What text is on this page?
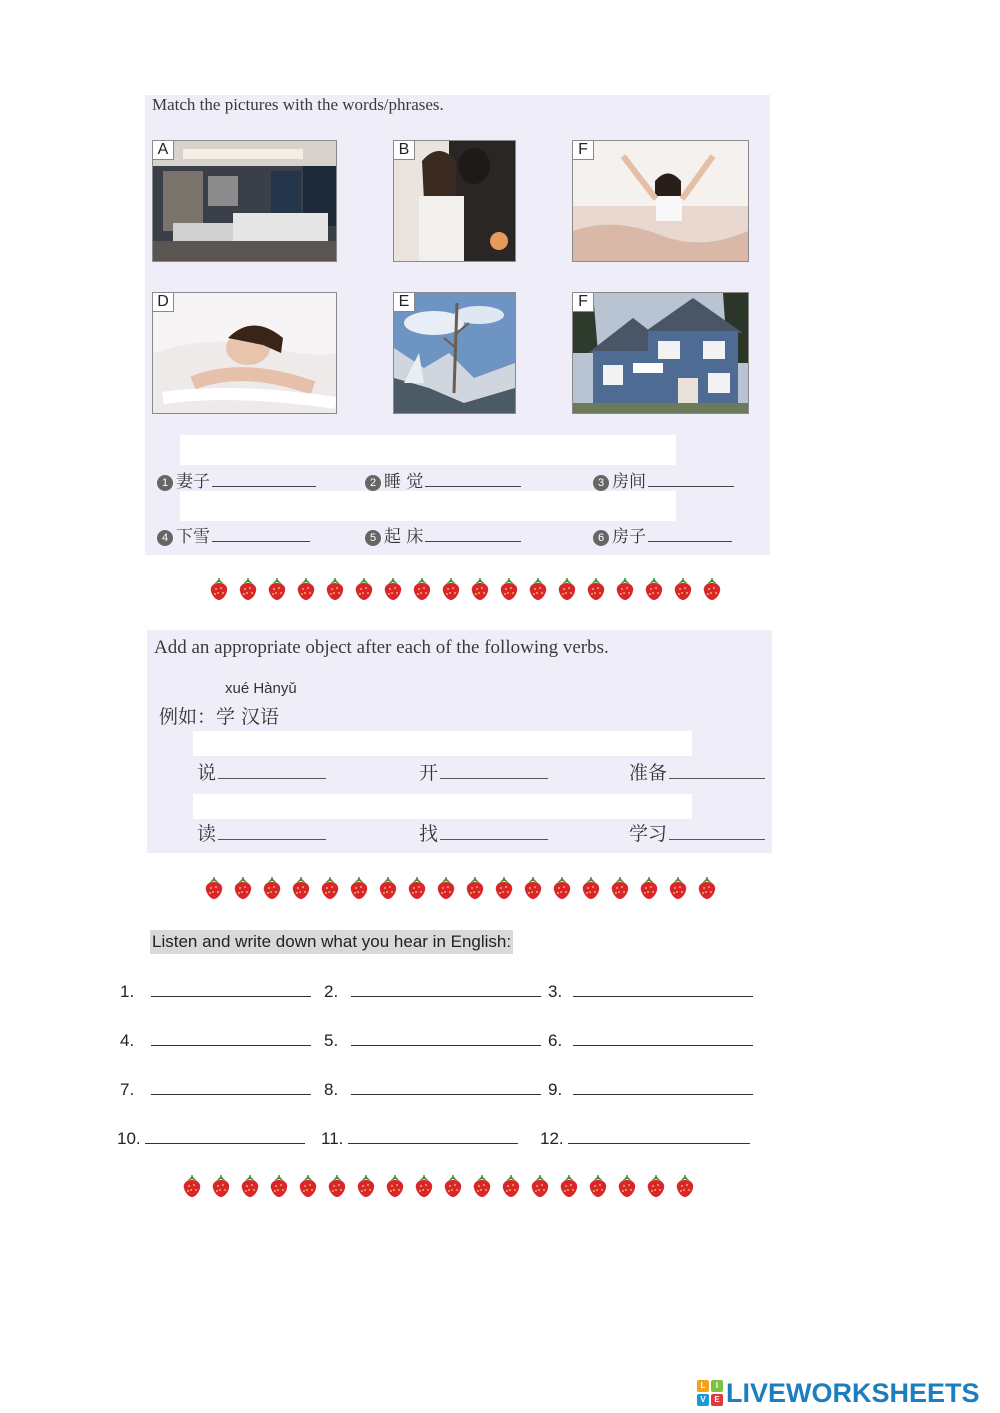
Match the pictures with the words/phrases.
A	B	F
D	E	F
1 妻子	2 睡 觉	3 房间
4 下雪	5 起 床	6 房子
Add an appropriate object after each of the following verbs.
xué Hànyǔ
例如：学 汉语
说	开	准备
读	找	学习
Listen and write down what you hear in English:
1.	2.	3.
4.	5.	6.
7.	8.	9.
10.	11.	12.
L	I
V	E LIVEWORKSHEETS
